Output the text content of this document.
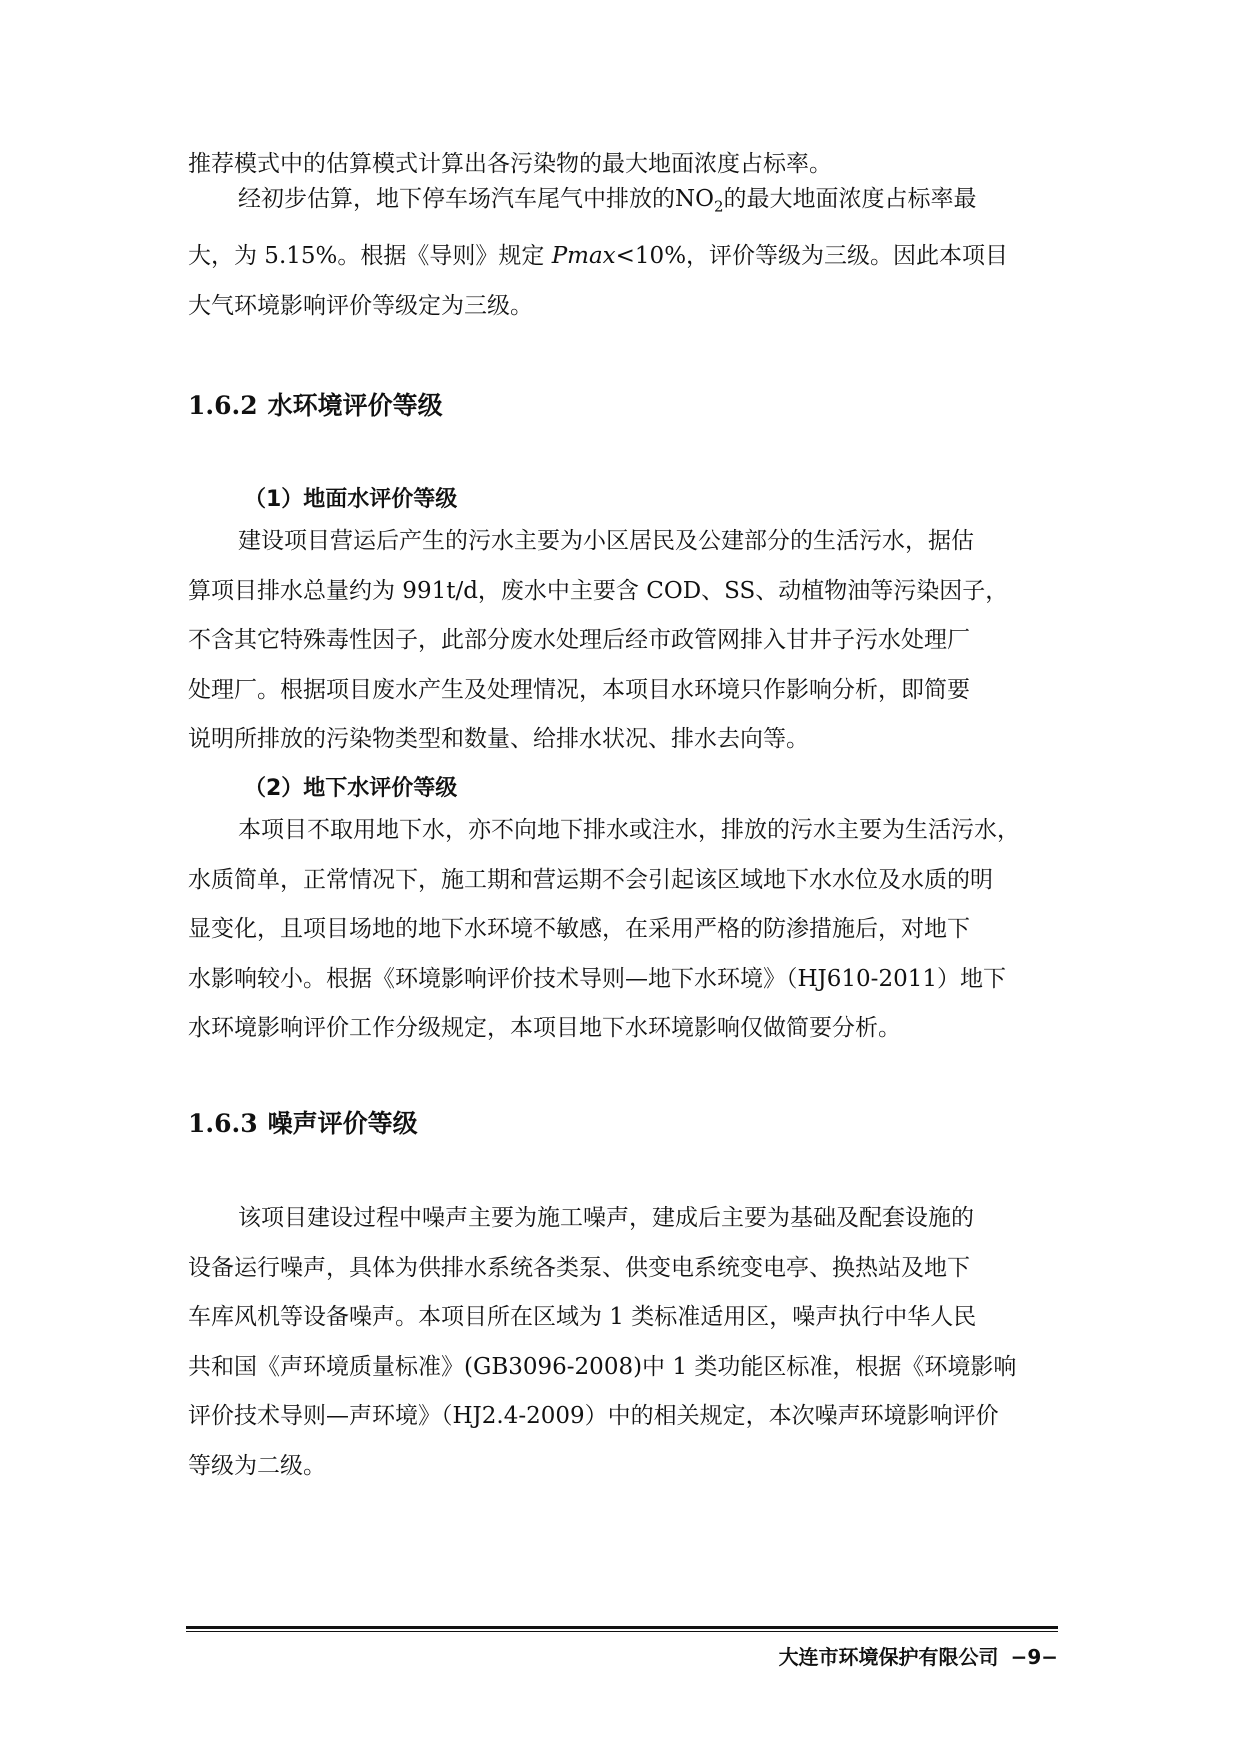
推荐模式中的估算模式计算出各污染物的最大地面浓度占标率。

经初步估算，地下停车场汽车尾气中排放的$NO_2$的最大地面浓度占标率最
大，为 5.15%。根据《导则》规定 Pmax<10%，评价等级为三级。因此本项目
大气环境影响评价等级定为三级。

1.6.2 水环境评价等级
（1）地面水评价等级

建设项目营运后产生的污水主要为小区居民及公建部分的生活污水，据估
算项目排水总量约为 991t/d，废水中主要含 COD、SS、动植物油等污染因子，
不含其它特殊毒性因子，此部分废水处理后经市政管网排入甘井子污水处理厂
处理厂。根据项目废水产生及处理情况，本项目水环境只作影响分析，即简要
说明所排放的污染物类型和数量、给排水状况、排水去向等。

（2）地下水评价等级

本项目不取用地下水，亦不向地下排水或注水，排放的污水主要为生活污水，
水质简单，正常情况下，施工期和营运期不会引起该区域地下水水位及水质的明
显变化，且项目场地的地下水环境不敏感，在采用严格的防渗措施后，对地下
水影响较小。根据《环境影响评价技术导则—地下水环境》（HJ610-2011）地下
水环境影响评价工作分级规定，本项目地下水环境影响仅做简要分析。

1.6.3 噪声评价等级

该项目建设过程中噪声主要为施工噪声，建成后主要为基础及配套设施的
设备运行噪声，具体为供排水系统各类泵、供变电系统变电亭、换热站及地下
车库风机等设备噪声。本项目所在区域为 1 类标准适用区，噪声执行中华人民
共和国《声环境质量标准》(GB3096-2008)中 1 类功能区标准，根据《环境影响
评价技术导则—声环境》（HJ2.4-2009）中的相关规定，本次噪声环境影响评价
等级为二级。

大连市环境保护有限公司 −9−
